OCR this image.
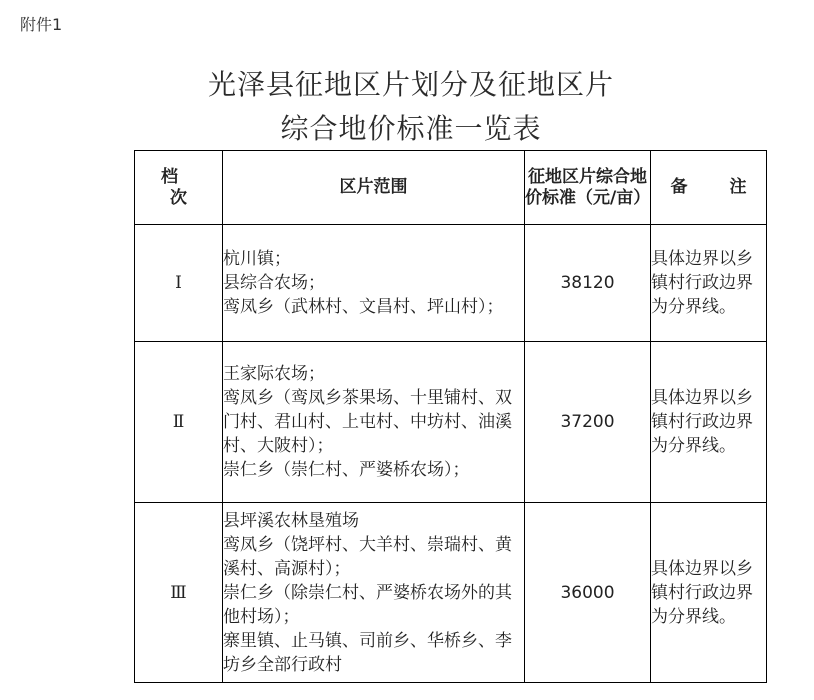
附件1
光泽县征地区片划分及征地区片
综合地价标准一览表
档 次	区片范围	征地区片综合地价标准（元/亩）	备 注
Ⅰ	杭川镇；
县综合农场；
鸾凤乡（武林村、文昌村、坪山村）；	38120	具体边界以乡镇村行政边界为分界线。
Ⅱ	王家际农场；
鸾凤乡（鸾凤乡茶果场、十里铺村、双门村、君山村、上屯村、中坊村、油溪村、大陂村）；
崇仁乡（崇仁村、严婆桥农场）；	37200	具体边界以乡镇村行政边界为分界线。
Ⅲ	县坪溪农林垦殖场
鸾凤乡（饶坪村、大羊村、崇瑞村、黄溪村、高源村）；
崇仁乡（除崇仁村、严婆桥农场外的其他村场）；
寨里镇、止马镇、司前乡、华桥乡、李坊乡全部行政村	36000	具体边界以乡镇村行政边界为分界线。
